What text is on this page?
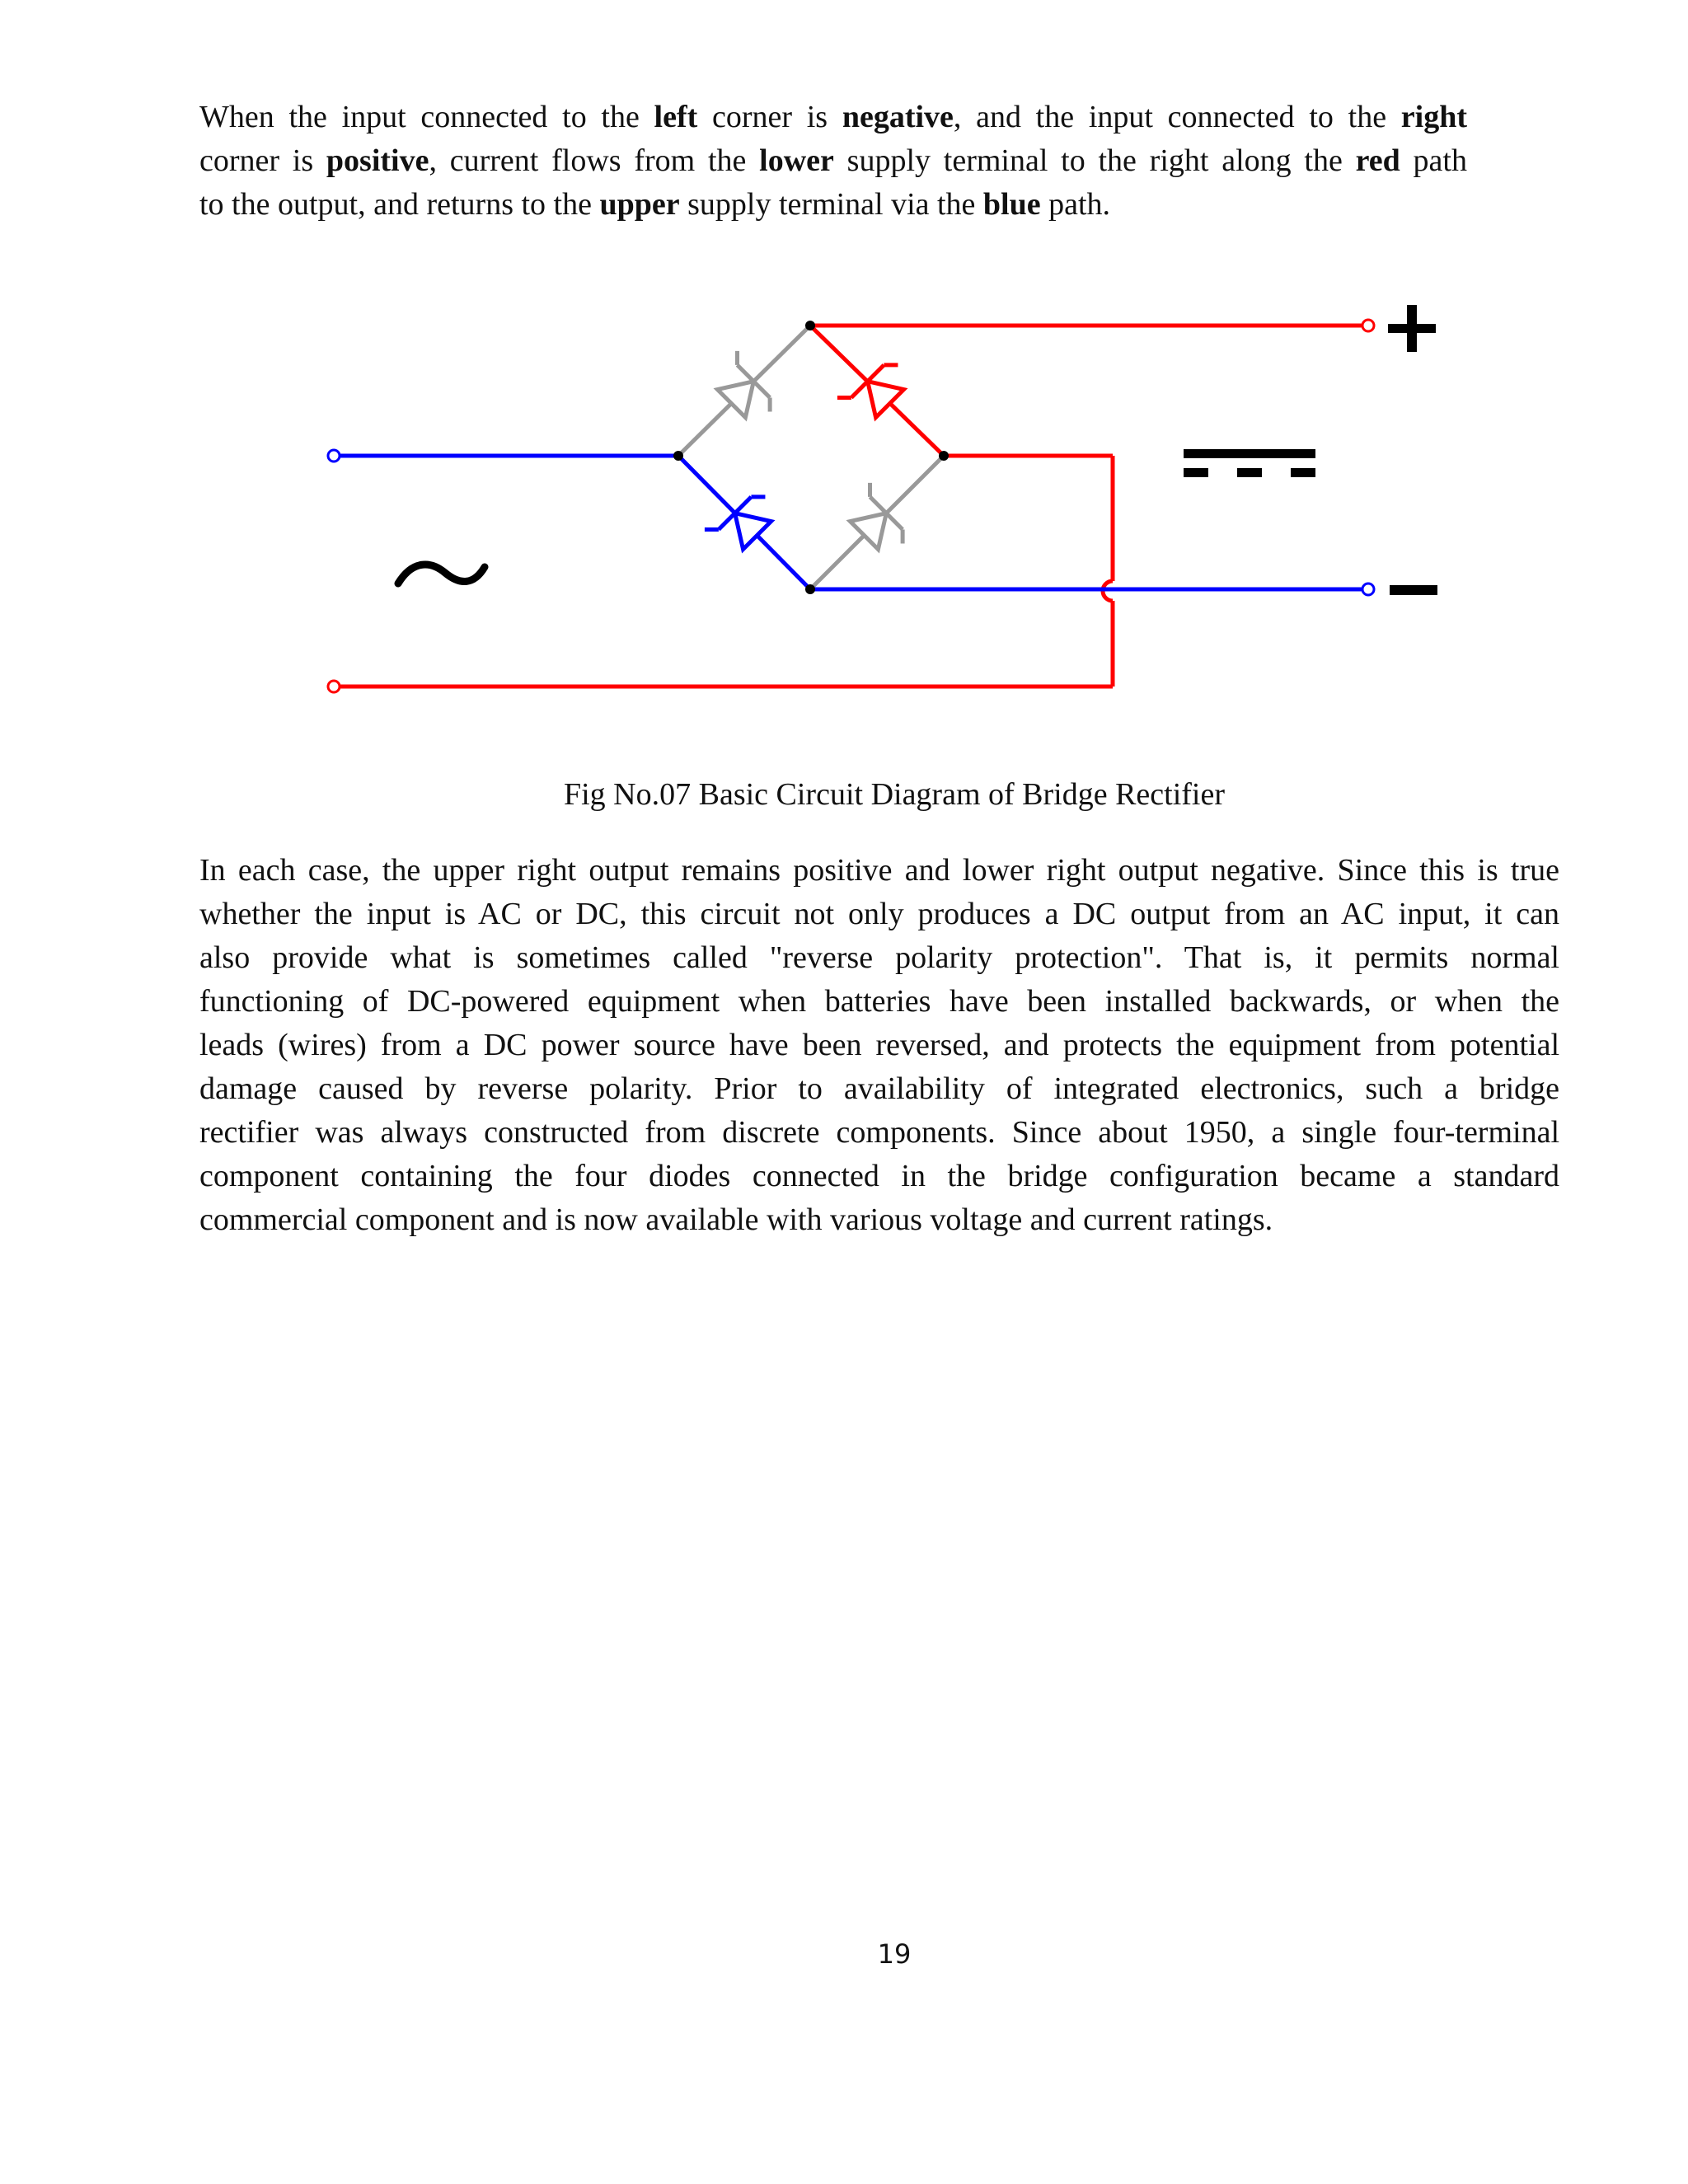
When the input connected to the left corner is negative, and the input connected to the right
corner is positive, current flows from the lower supply terminal to the right along the red path
to the output, and returns to the upper supply terminal via the blue path.
Fig No.07 Basic Circuit Diagram of Bridge Rectifier
In each case, the upper right output remains positive and lower right output negative. Since this is true
whether the input is AC or DC, this circuit not only produces a DC output from an AC input, it can
also provide what is sometimes called "reverse polarity protection". That is, it permits normal
functioning of DC-powered equipment when batteries have been installed backwards, or when the
leads (wires) from a DC power source have been reversed, and protects the equipment from potential
damage caused by reverse polarity. Prior to availability of integrated electronics, such a bridge
rectifier was always constructed from discrete components. Since about 1950, a single four-terminal
component containing the four diodes connected in the bridge configuration became a standard
commercial component and is now available with various voltage and current ratings.
19
